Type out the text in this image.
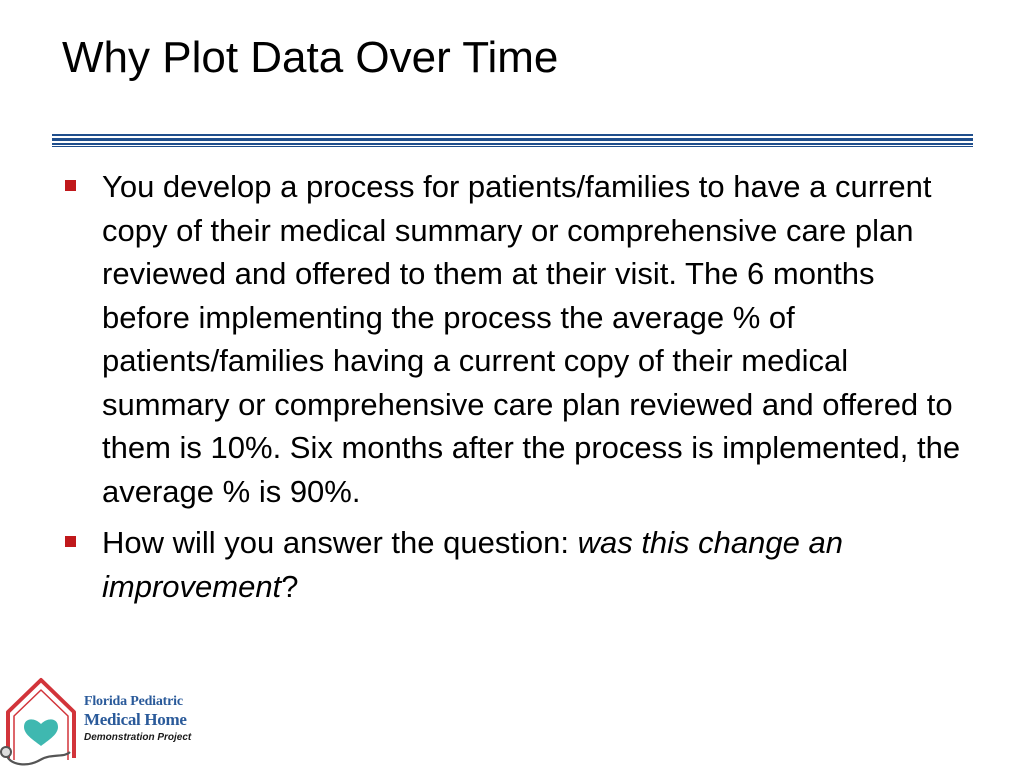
Why Plot Data Over Time
You develop a process for patients/families to have a current copy of their medical summary or comprehensive care plan reviewed and offered to them at their visit. The 6 months before implementing the process the average % of patients/families having a current copy of their medical summary or comprehensive care plan reviewed and offered to them is 10%. Six months after the process is implemented, the average % is 90%.
How will you answer the question: was this change an improvement?
Florida Pediatric
Medical Home
Demonstration Project
